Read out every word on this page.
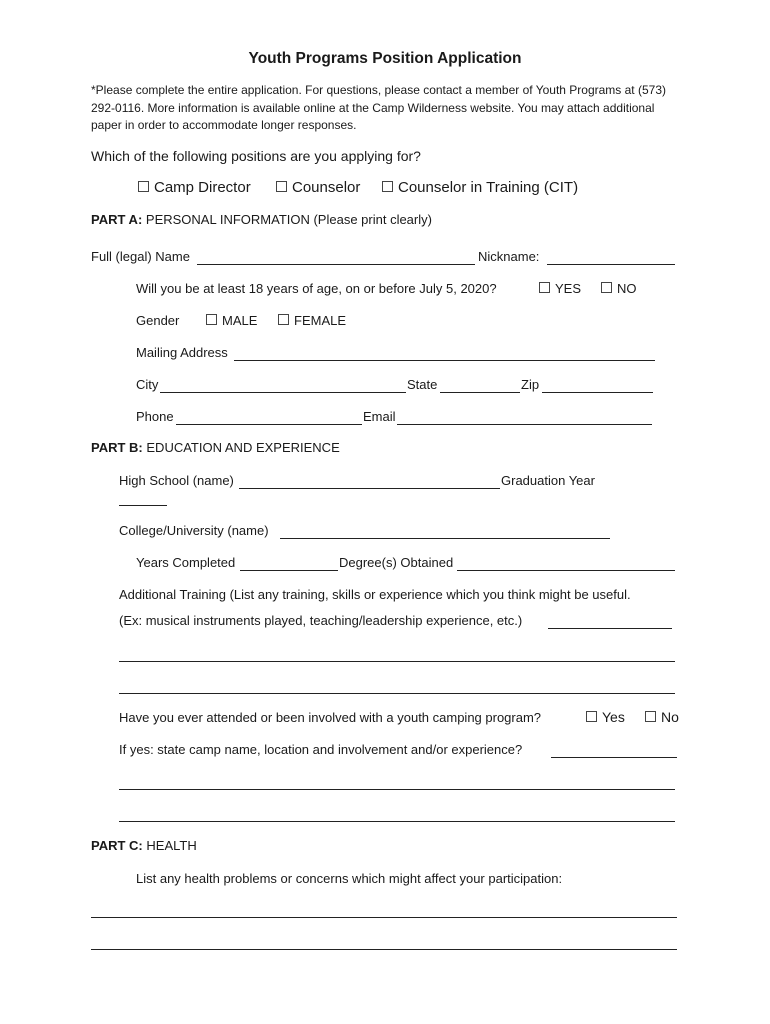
Youth Programs Position Application
*Please complete the entire application. For questions, please contact a member of Youth Programs at (573) 292-0116. More information is available online at the Camp Wilderness website. You may attach additional paper in order to accommodate longer responses.
Which of the following positions are you applying for?
Camp Director	Counselor	Counselor in Training (CIT)
PART A: PERSONAL INFORMATION (Please print clearly)
Full (legal) Name	Nickname:
Will you be at least 18 years of age, on or before July 5, 2020?	YES	NO
Gender	MALE	FEMALE
Mailing Address
City	State	Zip
Phone	Email
PART B: EDUCATION AND EXPERIENCE
High School (name)	Graduation Year
College/University (name)
Years Completed	Degree(s) Obtained
Additional Training (List any training, skills or experience which you think might be useful.
(Ex: musical instruments played, teaching/leadership experience, etc.)
Have you ever attended or been involved with a youth camping program?	Yes	No
If yes: state camp name, location and involvement and/or experience?
PART C: HEALTH
List any health problems or concerns which might affect your participation:
